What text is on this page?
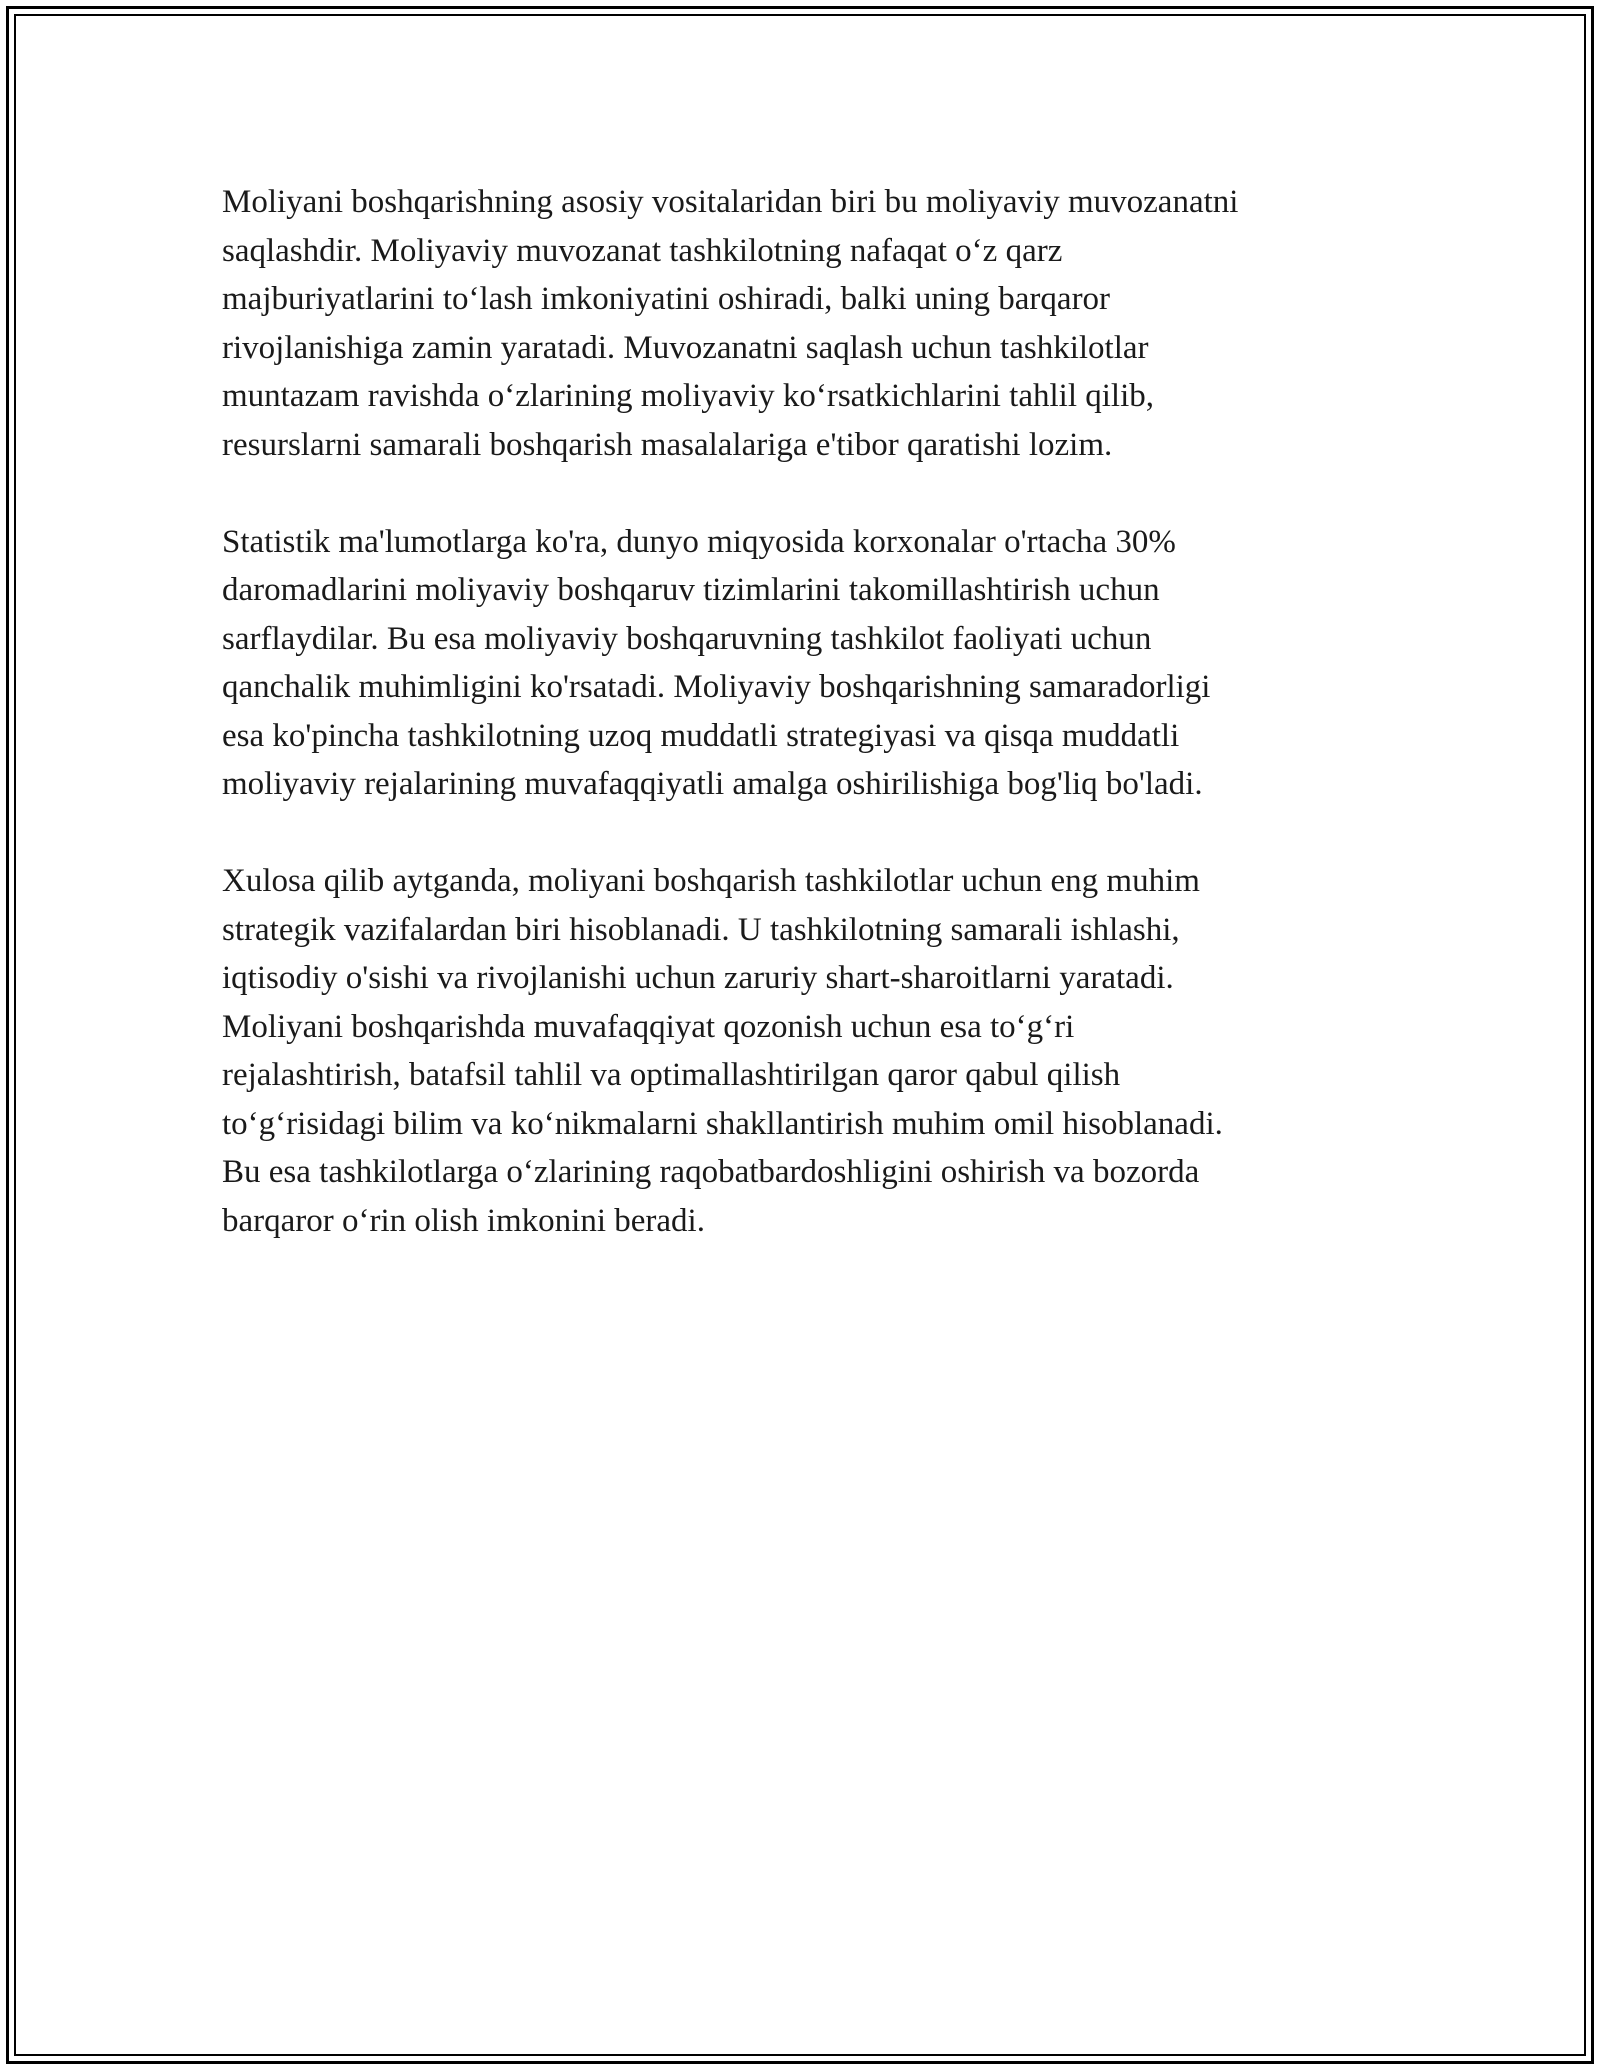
Moliyani boshqarishning asosiy vositalaridan biri bu moliyaviy muvozanatni
saqlashdir. Moliyaviy muvozanat tashkilotning nafaqat o‘z qarz
majburiyatlarini to‘lash imkoniyatini oshiradi, balki uning barqaror
rivojlanishiga zamin yaratadi. Muvozanatni saqlash uchun tashkilotlar
muntazam ravishda o‘zlarining moliyaviy ko‘rsatkichlarini tahlil qilib,
resurslarni samarali boshqarish masalalariga e'tibor qaratishi lozim.
Statistik ma'lumotlarga ko'ra, dunyo miqyosida korxonalar o'rtacha 30%
daromadlarini moliyaviy boshqaruv tizimlarini takomillashtirish uchun
sarflaydilar. Bu esa moliyaviy boshqaruvning tashkilot faoliyati uchun
qanchalik muhimligini ko'rsatadi. Moliyaviy boshqarishning samaradorligi
esa ko'pincha tashkilotning uzoq muddatli strategiyasi va qisqa muddatli
moliyaviy rejalarining muvafaqqiyatli amalga oshirilishiga bog'liq bo'ladi.
Xulosa qilib aytganda, moliyani boshqarish tashkilotlar uchun eng muhim
strategik vazifalardan biri hisoblanadi. U tashkilotning samarali ishlashi,
iqtisodiy o'sishi va rivojlanishi uchun zaruriy shart-sharoitlarni yaratadi.
Moliyani boshqarishda muvafaqqiyat qozonish uchun esa to‘g‘ri
rejalashtirish, batafsil tahlil va optimallashtirilgan qaror qabul qilish
to‘g‘risidagi bilim va ko‘nikmalarni shakllantirish muhim omil hisoblanadi.
Bu esa tashkilotlarga o‘zlarining raqobatbardoshligini oshirish va bozorda
barqaror o‘rin olish imkonini beradi.
